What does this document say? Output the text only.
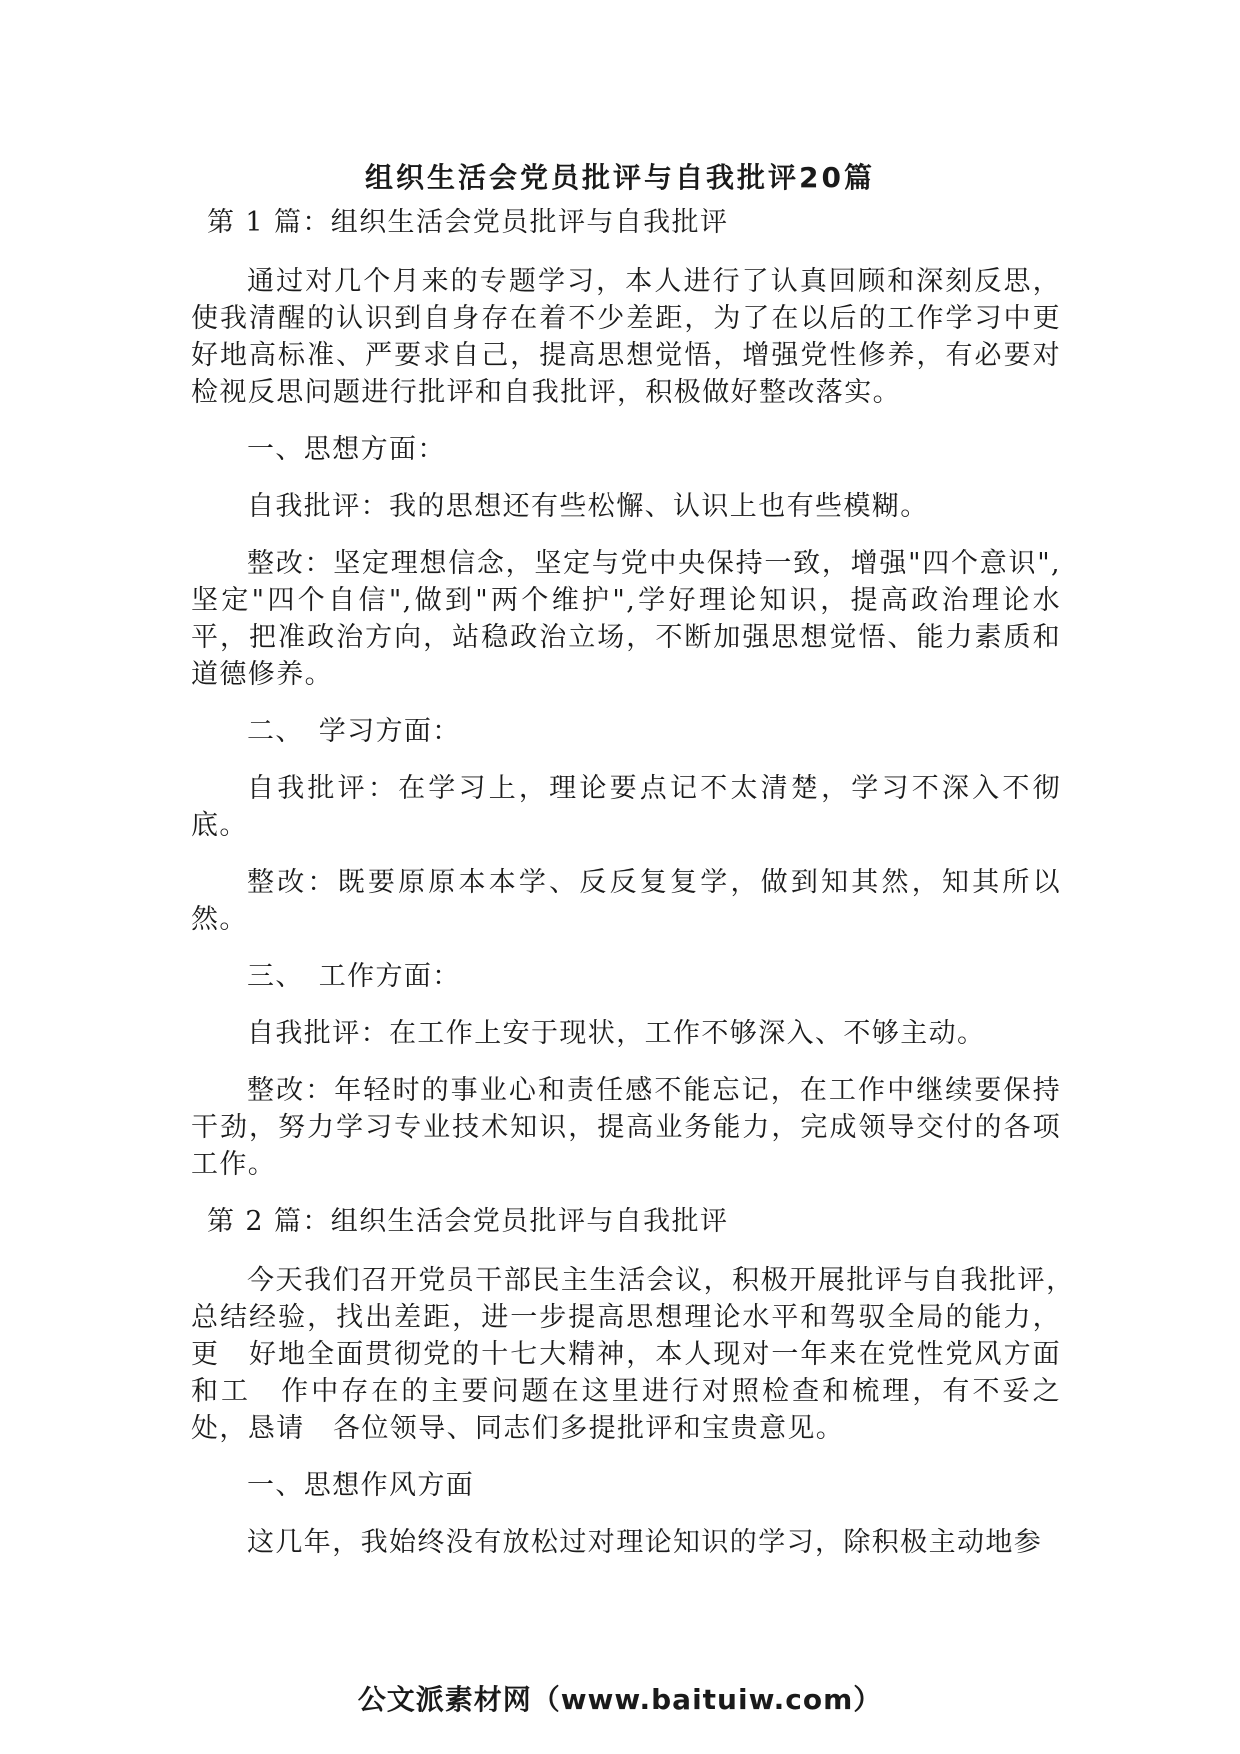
组织生活会党员批评与自我批评20篇

第 1 篇：组织生活会党员批评与自我批评

通过对几个月来的专题学习，本人进行了认真回顾和深刻反思，使我清醒的认识到自身存在着不少差距，为了在以后的工作学习中更好地高标准、严要求自己，提高思想觉悟，增强党性修养，有必要对检视反思问题进行批评和自我批评，积极做好整改落实。

一、思想方面：

自我批评：我的思想还有些松懈、认识上也有些模糊。

整改：坚定理想信念，坚定与党中央保持一致，增强"四个意识",坚定"四个自信",做到"两个维护",学好理论知识，提高政治理论水平，把准政治方向，站稳政治立场，不断加强思想觉悟、能力素质和道德修养。

二、　学习方面：

自我批评：在学习上，理论要点记不太清楚，学习不深入不彻底。

整改：既要原原本本学、反反复复学，做到知其然，知其所以然。

三、　工作方面：

自我批评：在工作上安于现状，工作不够深入、不够主动。

整改：年轻时的事业心和责任感不能忘记，在工作中继续要保持干劲，努力学习专业技术知识，提高业务能力，完成领导交付的各项工作。

第 2 篇：组织生活会党员批评与自我批评

今天我们召开党员干部民主生活会议，积极开展批评与自我批评，　总结经验，找出差距，进一步提高思想理论水平和驾驭全局的能力，更　好地全面贯彻党的十七大精神，本人现对一年来在党性党风方面和工　作中存在的主要问题在这里进行对照检查和梳理，有不妥之处，恳请　各位领导、同志们多提批评和宝贵意见。

一、思想作风方面

这几年，我始终没有放松过对理论知识的学习，除积极主动地参

公文派素材网（www.baituiw.com）
